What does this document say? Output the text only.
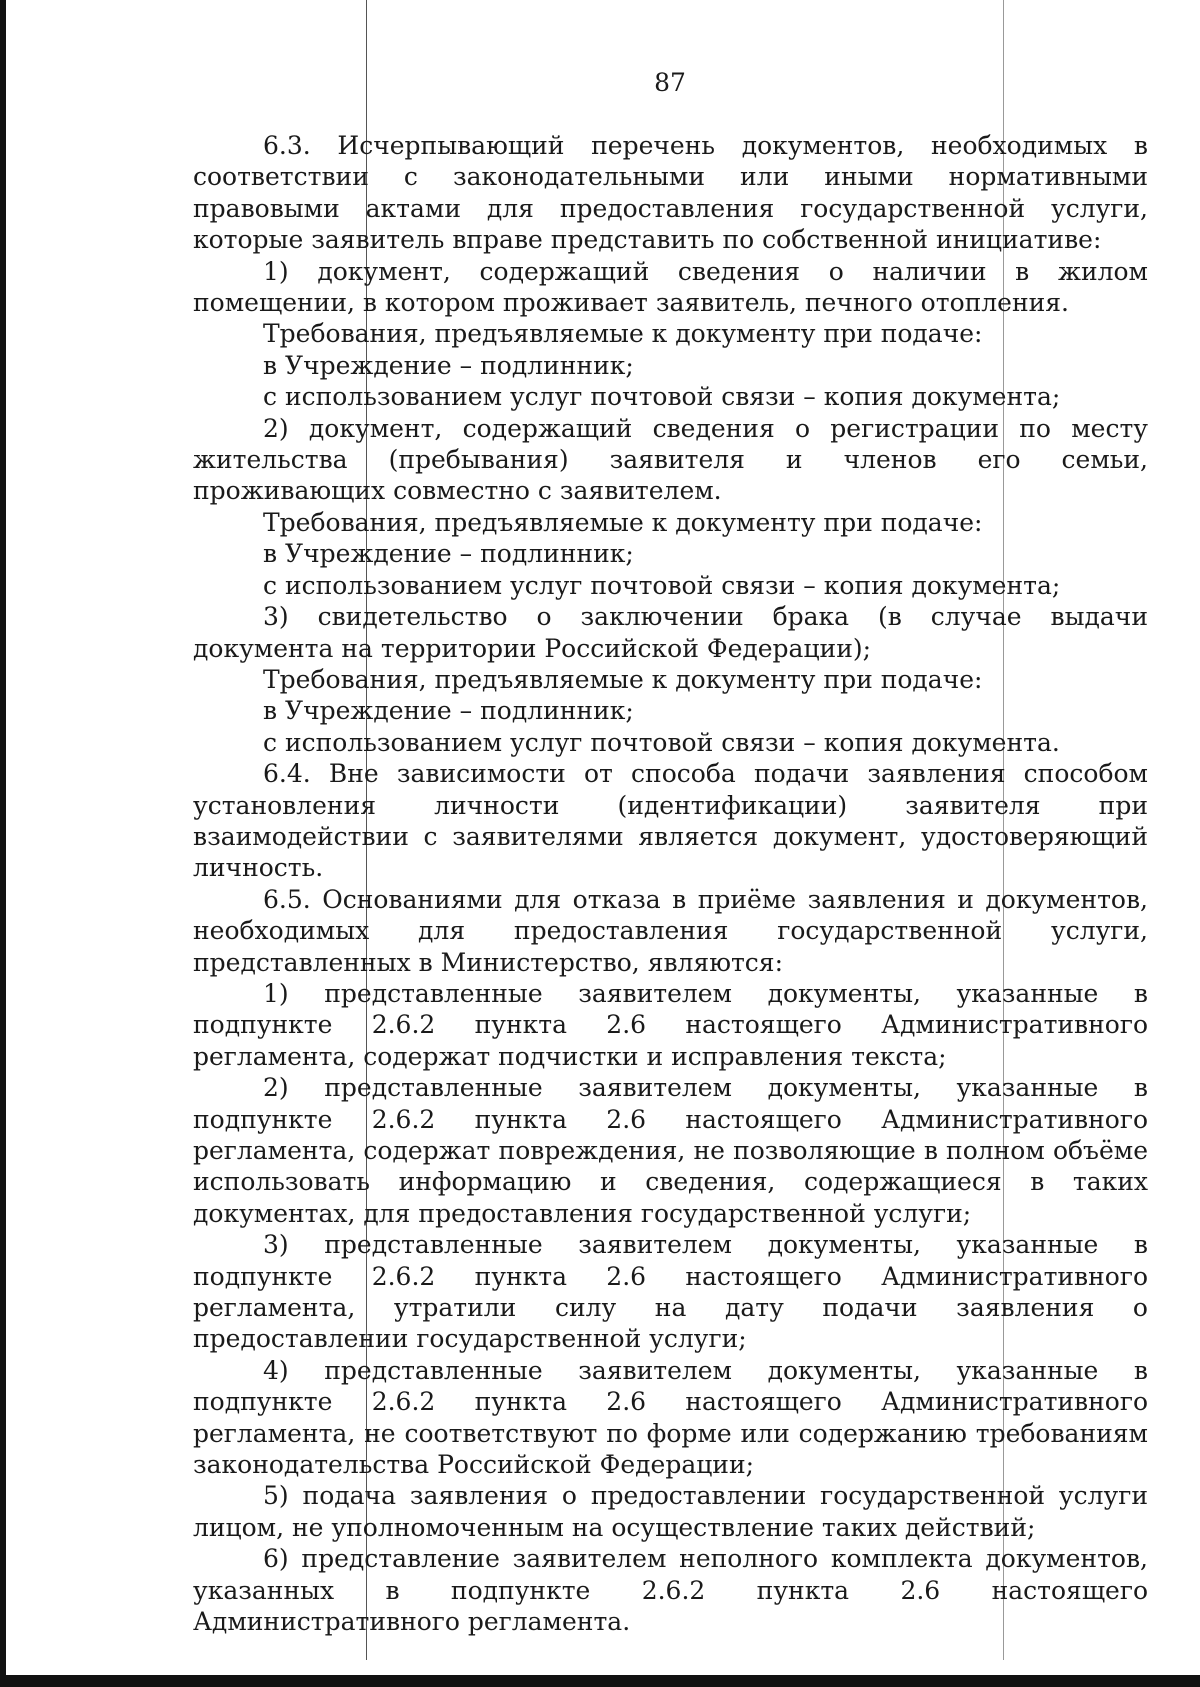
87

6.3. Исчерпывающий перечень документов, необходимых в соответствии с законодательными или иными нормативными правовыми актами для предоставления государственной услуги, которые заявитель вправе представить по собственной инициативе:

1) документ, содержащий сведения о наличии в жилом помещении, в котором проживает заявитель, печного отопления.

Требования, предъявляемые к документу при подаче:

в Учреждение – подлинник;

с использованием услуг почтовой связи – копия документа;

2) документ, содержащий сведения о регистрации по месту жительства (пребывания) заявителя и членов его семьи, проживающих совместно с заявителем.

Требования, предъявляемые к документу при подаче:

в Учреждение – подлинник;

с использованием услуг почтовой связи – копия документа;

3) свидетельство о заключении брака (в случае выдачи документа на территории Российской Федерации);

Требования, предъявляемые к документу при подаче:

в Учреждение – подлинник;

с использованием услуг почтовой связи – копия документа.

6.4. Вне зависимости от способа подачи заявления способом установления личности (идентификации) заявителя при взаимодействии с заявителями является документ, удостоверяющий личность.

6.5. Основаниями для отказа в приёме заявления и документов, необходимых для предоставления государственной услуги, представленных в Министерство, являются:

1) представленные заявителем документы, указанные в подпункте 2.6.2 пункта 2.6 настоящего Административного регламента, содержат подчистки и исправления текста;

2) представленные заявителем документы, указанные в подпункте 2.6.2 пункта 2.6 настоящего Административного регламента, содержат повреждения, не позволяющие в полном объёме использовать информацию и сведения, содержащиеся в таких документах, для предоставления государственной услуги;

3) представленные заявителем документы, указанные в подпункте 2.6.2 пункта 2.6 настоящего Административного регламента, утратили силу на дату подачи заявления о предоставлении государственной услуги;

4) представленные заявителем документы, указанные в подпункте 2.6.2 пункта 2.6 настоящего Административного регламента, не соответствуют по форме или содержанию требованиям законодательства Российской Федерации;

5) подача заявления о предоставлении государственной услуги лицом, не уполномоченным на осуществление таких действий;

6) представление заявителем неполного комплекта документов, указанных в подпункте 2.6.2 пункта 2.6 настоящего Административного регламента.
